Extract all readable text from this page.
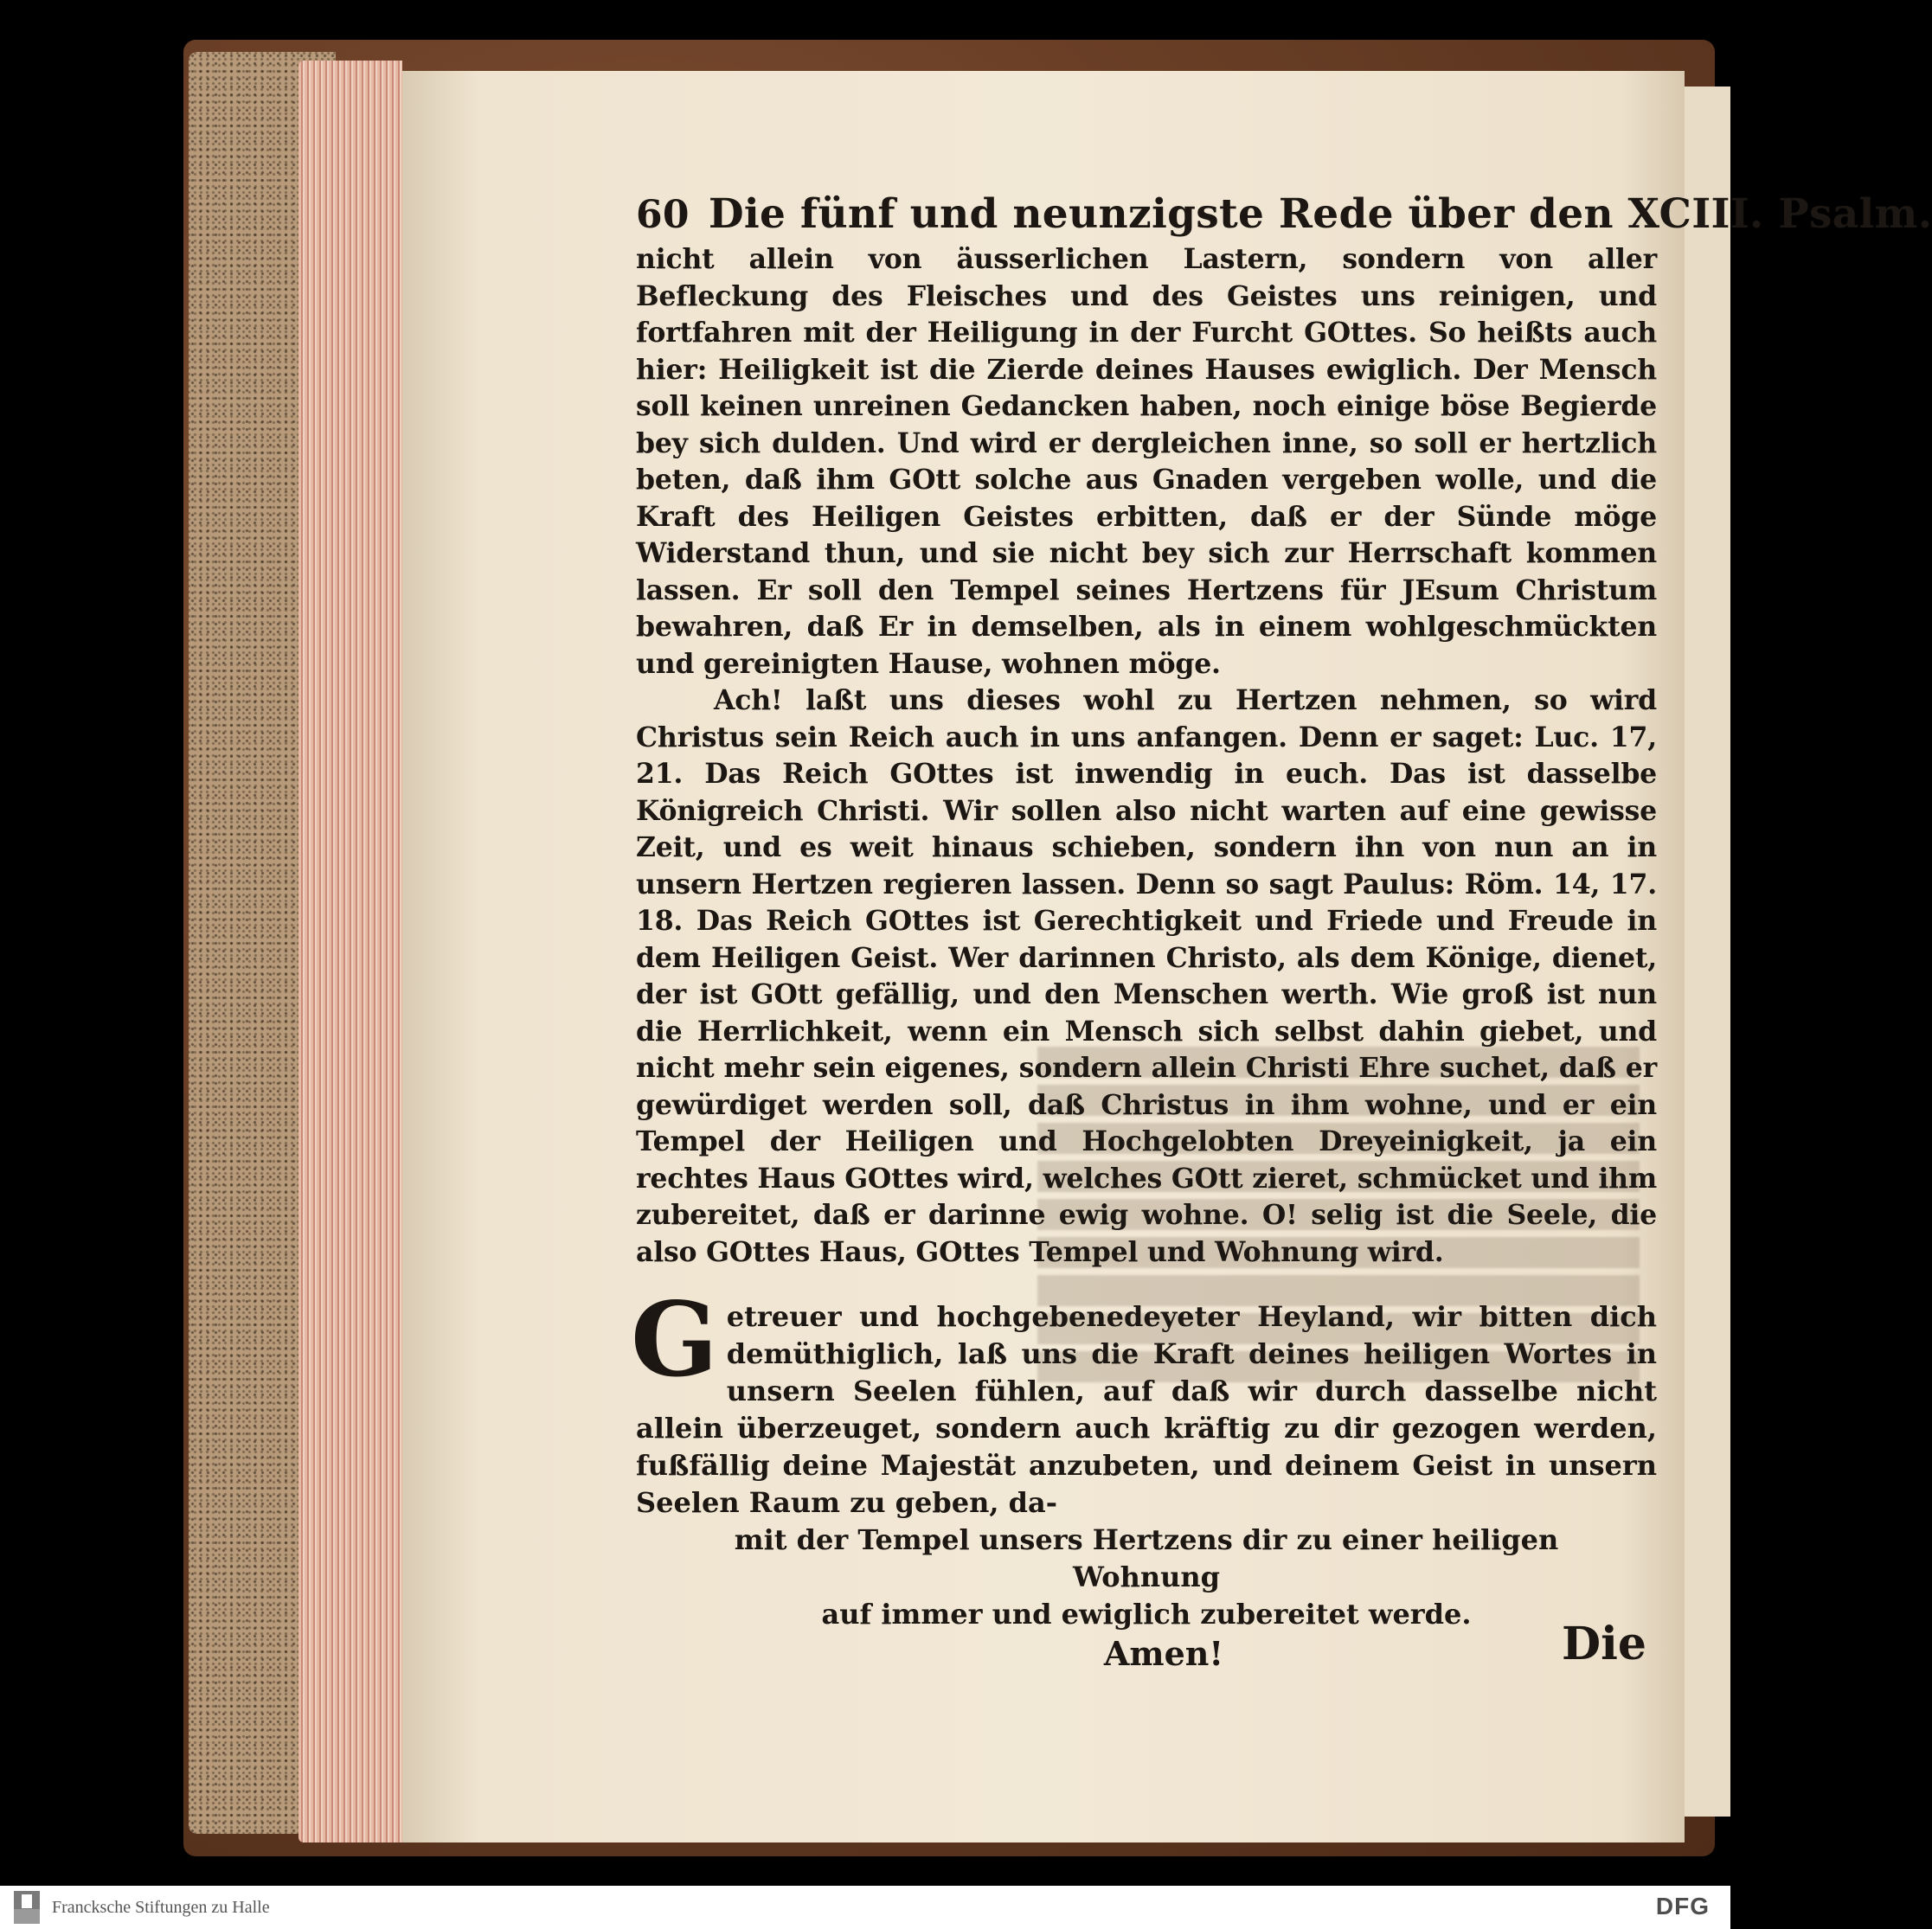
60 Die fünf und neunzigste Rede über den XCIII. Psalm.

nicht allein von äusserlichen Lastern, sondern von aller Befleckung des Fleisches und des Geistes uns reinigen, und fortfahren mit der Heiligung in der Furcht GOttes. So heißts auch hier: Heiligkeit ist die Zierde deines Hauses ewiglich. Der Mensch soll keinen unreinen Gedancken haben, noch einige böse Begierde bey sich dulden. Und wird er dergleichen inne, so soll er hertzlich beten, daß ihm GOtt solche aus Gnaden vergeben wolle, und die Kraft des Heiligen Geistes erbitten, daß er der Sünde möge Widerstand thun, und sie nicht bey sich zur Herrschaft kommen lassen. Er soll den Tempel seines Hertzens für JEsum Christum bewahren, daß Er in demselben, als in einem wohlgeschmückten und gereinigten Hause, wohnen möge.

Ach! laßt uns dieses wohl zu Hertzen nehmen, so wird Christus sein Reich auch in uns anfangen. Denn er saget: Luc. 17, 21. Das Reich GOttes ist inwendig in euch. Das ist dasselbe Königreich Christi. Wir sollen also nicht warten auf eine gewisse Zeit, und es weit hinaus schieben, sondern ihn von nun an in unsern Hertzen regieren lassen. Denn so sagt Paulus: Röm. 14, 17. 18. Das Reich GOttes ist Gerechtigkeit und Friede und Freude in dem Heiligen Geist. Wer darinnen Christo, als dem Könige, dienet, der ist GOtt gefällig, und den Menschen werth. Wie groß ist nun die Herrlichkeit, wenn ein Mensch sich selbst dahin giebet, und nicht mehr sein eigenes, sondern allein Christi Ehre suchet, daß er gewürdiget werden soll, daß Christus in ihm wohne, und er ein Tempel der Heiligen und Hochgelobten Dreyeinigkeit, ja ein rechtes Haus GOttes wird, welches GOtt zieret, schmücket und ihm zubereitet, daß er darinne ewig wohne. O! selig ist die Seele, die also GOttes Haus, GOttes Tempel und Wohnung wird.

G etreuer und hochgebenedeyeter Heyland, wir bitten dich demüthiglich, laß uns die Kraft deines heiligen Wortes in unsern Seelen fühlen, auf daß wir durch dasselbe nicht allein überzeuget, sondern auch kräftig zu dir gezogen werden, fußfällig deine Majestät anzubeten, und deinem Geist in unsern Seelen Raum zu geben, da-

mit der Tempel unsers Hertzens dir zu einer heiligen Wohnung

auf immer und ewiglich zubereitet werde.

Amen!	Die
Francksche Stiftungen zu Halle	DFG
